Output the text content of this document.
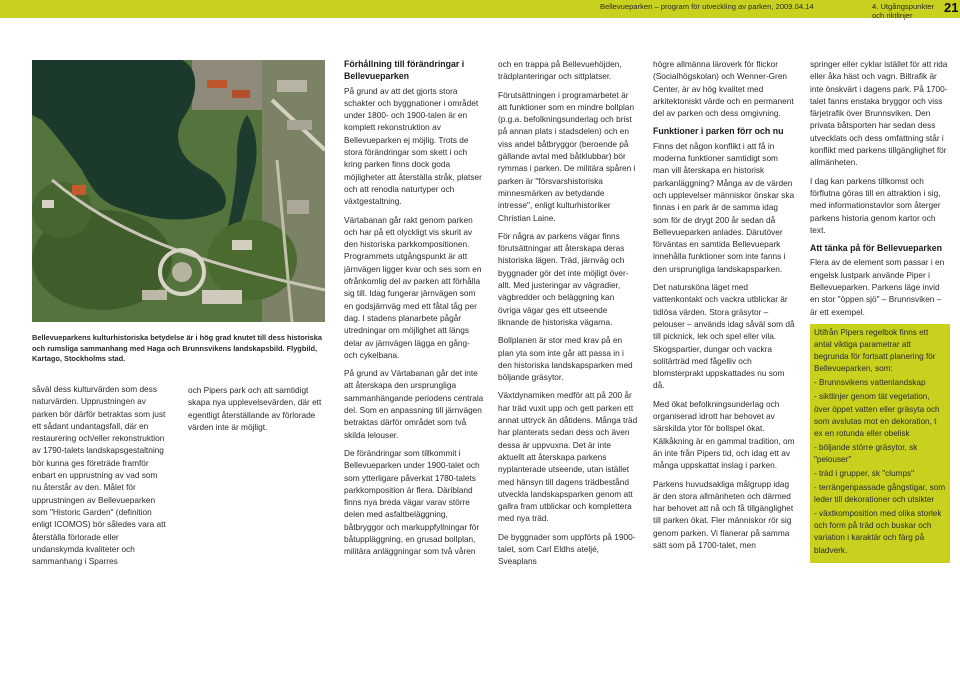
Bellevueparken – program för utveckling av parken, 2009.04.14	4. Utgångspunkter
och riktlinjer
21
Bellevueparkens kulturhistoriska betydelse är i hög grad knutet till dess historiska och rumsliga sammanhang med Haga och Brunnsvikens landskapsbild. Flygbild, Kartago, Stockholms stad.

såväl dess kulturvärden som dess naturvärden. Upprustningen av parken bör därför betraktas som just ett sådant undantagsfall, där en restaurering och/eller rekonstruktion av 1790-talets landskapsgestaltning bör kunna ges företräde framför enbart en upprustning av vad som nu återstår av den. Målet för upprustningen av Bellevueparken som "Historic Garden" (definition enligt ICOMOS) bör således vara att återställa förlorade eller undanskymda kvaliteter och sammanhang i Sparres

och Pipers park och att samtidigt skapa nya upplevelsevärden, där ett egentligt återställande av förlorade värden inte är möjligt.

Förhållning till förändringar i Bellevueparken

På grund av att det gjorts stora schakter och byggnationer i området under 1800- och 1900-talen är en komplett rekonstruktion av Bellevueparken ej möjlig. Trots de stora förändringar som skett i och kring parken finns dock goda möjligheter att återställa stråk, platser och att renodla naturtyper och växtgestaltning.

Värtabanan går rakt genom parken och har på ett olyckligt vis skurit av den historiska parkkompositionen. Programmets utgångspunkt är att järnvägen ligger kvar och ses som en ofrånkomlig del av parken att förhålla sig till. Idag fungerar järnvägen som en godsjärnväg med ett fåtal tåg per dag. I stadens planarbete pågår utredningar om möjlighet att längs delar av järnvägen lägga en gång- och cykelbana.

På grund av Värtabanan går det inte att återskapa den ursprungliga sammanhängande periodens centrala del. Som en anpassning till järnvägen betraktas därför området som två skilda lelouser.

De förändringar som tillkommit i Bellevueparken under 1900-talet och som ytterligare påverkat 1780-talets parkkomposition är flera. Däribland finns nya breda vägar varav större delen med asfaltbeläggning, båtbryggor och markuppfyllningar för båtuppläggning, en grusad bollplan, militära anläggningar som två våren

och en trappa på Bellevuehöjden, trädplanteringar och sittplatser.

Förutsättningen i programarbetet är att funktioner som en mindre bollplan (p.g.a. befolkningsunderlag och brist på annan plats i stadsdelen) och en viss andel båtbryggor (beroende på gällande avtal med båtklubbar) bör rymmas i parken. De militära spåren i parken är "försvarshistoriska minnesmärken av betydande intresse", enligt kulturhistoriker Christian Laine.

För några av parkens vägar finns förutsättningar att återskapa deras historiska lägen. Träd, järnväg och byggnader gör det inte möjligt över-allt. Med justeringar av vägradier, vägbredder och beläggning kan övriga vägar ges ett utseende liknande de historiska vägarna.

Bollplanen är stor med krav på en plan yta som inte går att passa in i den historiska landskapsparken med böljande gräsytor.

Växtdynamiken medför att på 200 år har träd vuxit upp och gett parken ett annat uttryck än dåtidens. Många träd har planterats sedan dess och även dessa är uppvuxna. Det är inte aktuellt att återskapa parkens nyplanterade utseende, utan istället med hänsyn till dagens trädbestånd utveckla landskapsparken genom att gallra fram utblickar och komplettera med nya träd.

De byggnader som uppförts på 1900-talet, som Carl Eldhs ateljé, Sveaplans

högre allmänna läroverk för flickor (Socialhögskolan) och Wenner-Gren Center, är av hög kvalitet med arkitektoniskt värde och en permanent del av parken och dess omgivning.

Funktioner i parken förr och nu

Finns det någon konflikt i att få in moderna funktioner samtidigt som man vill återskapa en historisk parkanläggning? Många av de värden och upplevelser människor önskar ska finnas i en park är de samma idag som för de drygt 200 år sedan då Bellevueparken anlades. Därutöver förväntas en samtida Bellevuepark innehålla funktioner som inte fanns i den ursprungliga landskapsparken.

Det natursköna läget med vattenkontakt och vackra utblickar är tidlösa värden. Stora gräsytor – pelouser – används idag såväl som då till picknick, lek och spel eller vila. Skogspartier, dungar och vackra solitärträd med fågelliv och blomsterprakt uppskattades nu som då.

Med ökat befolkningsunderlag och organiserad idrott har behovet av särskilda ytor för bollspel ökat. Kälkåkning är en gammal tradition, om än inte från Pipers tid, och idag ett av många uppskattat inslag i parken.

Parkens huvudsakliga målgrupp idag är den stora allmänheten och därmed har behovet att nå och få tillgänglighet till parken ökat. Fler människor rör sig genom parken. Vi flanerar på samma sätt som på 1700-talet, men

springer eller cyklar istället för att rida eller åka häst och vagn. Biltrafik är inte önskvärt i dagens park. På 1700-talet fanns enstaka bryggor och viss färjetrafik över Brunnsviken. Den privata båtsporten har sedan dess utvecklats och dess omfattning står i konflikt med parkens tillgänglighet för allmänheten.

I dag kan parkens tillkomst och förflutna göras till en attraktion i sig, med informationstavlor som återger parkens historia genom kartor och text.

Att tänka på för Bellevueparken

Flera av de element som passar i en engelsk lustpark använde Piper i Bellevueparken. Parkens läge invid en stor "öppen sjö" – Brunnsviken – är ett exempel.

Utifrån Pipers regelbok finns ett antal viktiga parametrar att begrunda för fortsatt planering för Bellevueparken, som:

- Brunnsvikens vattenlandskap

- siktlinjer genom tät vegetation, över öppet vatten eller gräsyta och som avslutas mot en dekoration, t ex en rotunda eller obelisk

- böljande större gräsytor, sk "pelouser"

- träd i grupper, sk "clumps"

- terrängenpassade gångstigar, som leder till dekorationer och utsikter

- växtkomposition med olika storlek och form på träd och buskar och variation i karaktär och färg på bladverk.
